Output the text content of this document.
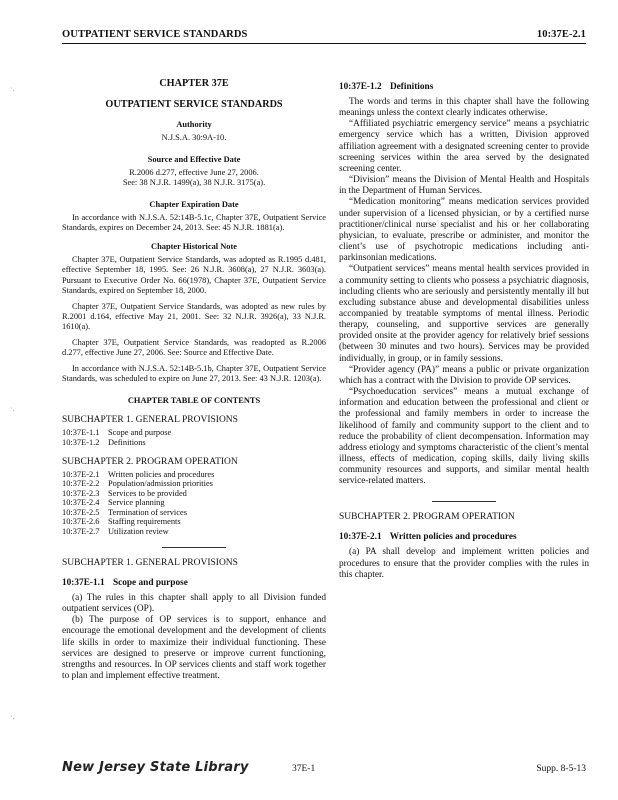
OUTPATIENT SERVICE STANDARDS	10:37E-2.1
·.
·.
·.

CHAPTER 37E

OUTPATIENT SERVICE STANDARDS

Authority

N.J.S.A. 30:9A-10.

Source and Effective Date

R.2006 d.277, effective June 27, 2006.

See: 38 N.J.R. 1499(a), 38 N.J.R. 3175(a).

Chapter Expiration Date

In accordance with N.J.S.A. 52:14B-5.1c, Chapter 37E, Outpatient Service Standards, expires on December 24, 2013. See: 45 N.J.R. 1881(a).

Chapter Historical Note

Chapter 37E, Outpatient Service Standards, was adopted as R.1995 d.481, effective September 18, 1995. See: 26 N.J.R. 3608(a), 27 N.J.R. 3603(a). Pursuant to Executive Order No. 66(1978), Chapter 37E, Outpatient Service Standards, expired on September 18, 2000.

Chapter 37E, Outpatient Service Standards, was adopted as new rules by R.2001 d.164, effective May 21, 2001. See: 32 N.J.R. 3926(a), 33 N.J.R. 1610(a).

Chapter 37E, Outpatient Service Standards, was readopted as R.2006 d.277, effective June 27, 2006. See: Source and Effective Date.

In accordance with N.J.S.A. 52:14B-5.1b, Chapter 37E, Outpatient Service Standards, was scheduled to expire on June 27, 2013. See: 43 N.J.R. 1203(a).

CHAPTER TABLE OF CONTENTS

SUBCHAPTER 1. GENERAL PROVISIONS

10:37E-1.1	Scope and purpose
10:37E-1.2	Definitions

SUBCHAPTER 2. PROGRAM OPERATION

10:37E-2.1	Written policies and procedures
10:37E-2.2	Population/admission priorities
10:37E-2.3	Services to be provided
10:37E-2.4	Service planning
10:37E-2.5	Termination of services
10:37E-2.6	Staffing requirements
10:37E-2.7	Utilization review

SUBCHAPTER 1. GENERAL PROVISIONS

10:37E-1.1 Scope and purpose

(a) The rules in this chapter shall apply to all Division funded outpatient services (OP).

(b) The purpose of OP services is to support, enhance and encourage the emotional development and the development of clients life skills in order to maximize their individual functioning. These services are designed to preserve or improve current functioning, strengths and resources. In OP services clients and staff work together to plan and implement effective treatment.

10:37E-1.2 Definitions

The words and terms in this chapter shall have the following meanings unless the context clearly indicates otherwise.

“Affiliated psychiatric emergency service” means a psychiatric emergency service which has a written, Division approved affiliation agreement with a designated screening center to provide screening services within the area served by the designated screening center.

“Division” means the Division of Mental Health and Hospitals in the Department of Human Services.

“Medication monitoring” means medication services provided under supervision of a licensed physician, or by a certified nurse practitioner/clinical nurse specialist and his or her collaborating physician, to evaluate, prescribe or administer, and monitor the client’s use of psychotropic medications including anti-parkinsonian medications.

“Outpatient services” means mental health services provided in a community setting to clients who possess a psychiatric diagnosis, including clients who are seriously and persistently mentally ill but excluding substance abuse and developmental disabilities unless accompanied by treatable symptoms of mental illness. Periodic therapy, counseling, and supportive services are generally provided onsite at the provider agency for relatively brief sessions (between 30 minutes and two hours). Services may be provided individually, in group, or in family sessions.

“Provider agency (PA)” means a public or private organization which has a contract with the Division to provide OP services.

“Psychoeducation services” means a mutual exchange of information and education between the professional and client or the professional and family members in order to increase the likelihood of family and community support to the client and to reduce the probability of client decompensation. Information may address etiology and symptoms characteristic of the client’s mental illness, effects of medication, coping skills, daily living skills community resources and supports, and similar mental health service-related matters.

SUBCHAPTER 2. PROGRAM OPERATION

10:37E-2.1 Written policies and procedures

(a) PA shall develop and implement written policies and procedures to ensure that the provider complies with the rules in this chapter.

New Jersey State Library	37E-1	Supp. 8-5-13
